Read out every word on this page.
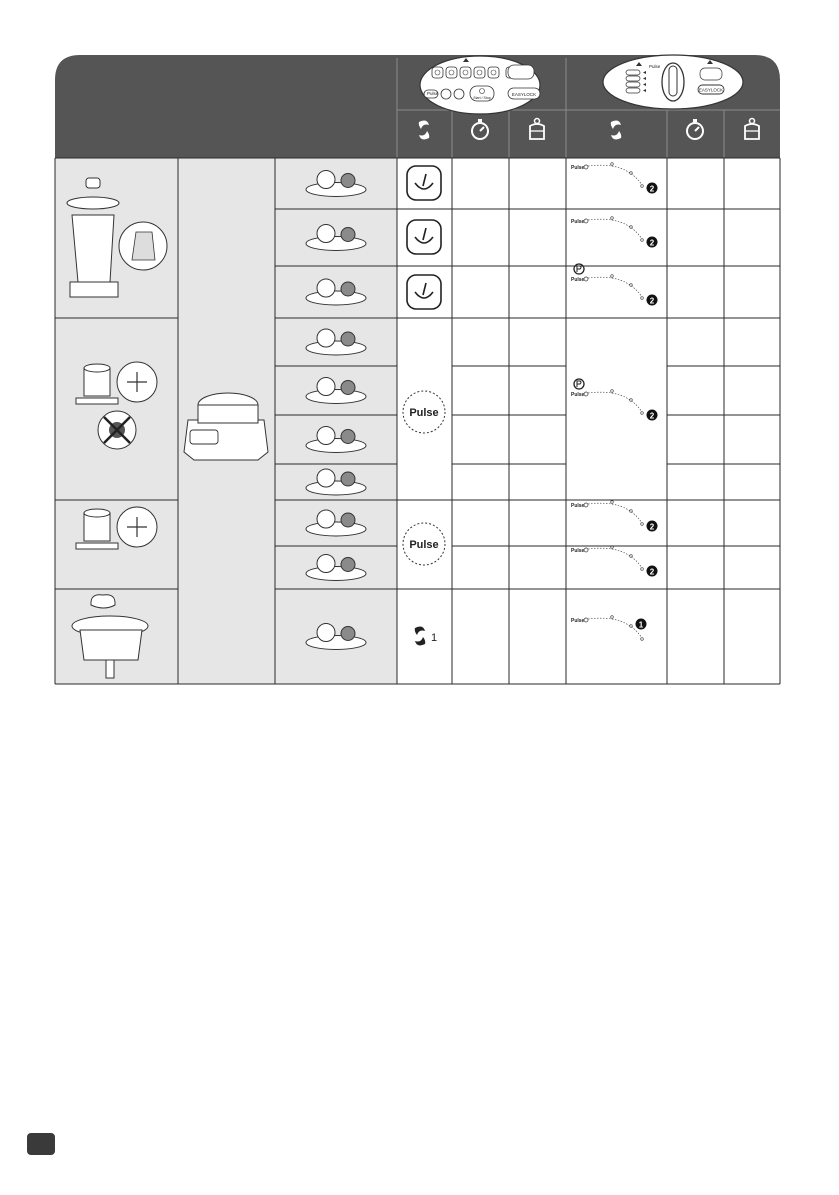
Pulse
Start / Stop
EASYLOCK
Pulse
EASYLOCK
Pulse
Pulse
1
Pulse
2
Pulse
2
Pulse
2
Pulse
2
Pulse
2
Pulse
2
Pulse	1
